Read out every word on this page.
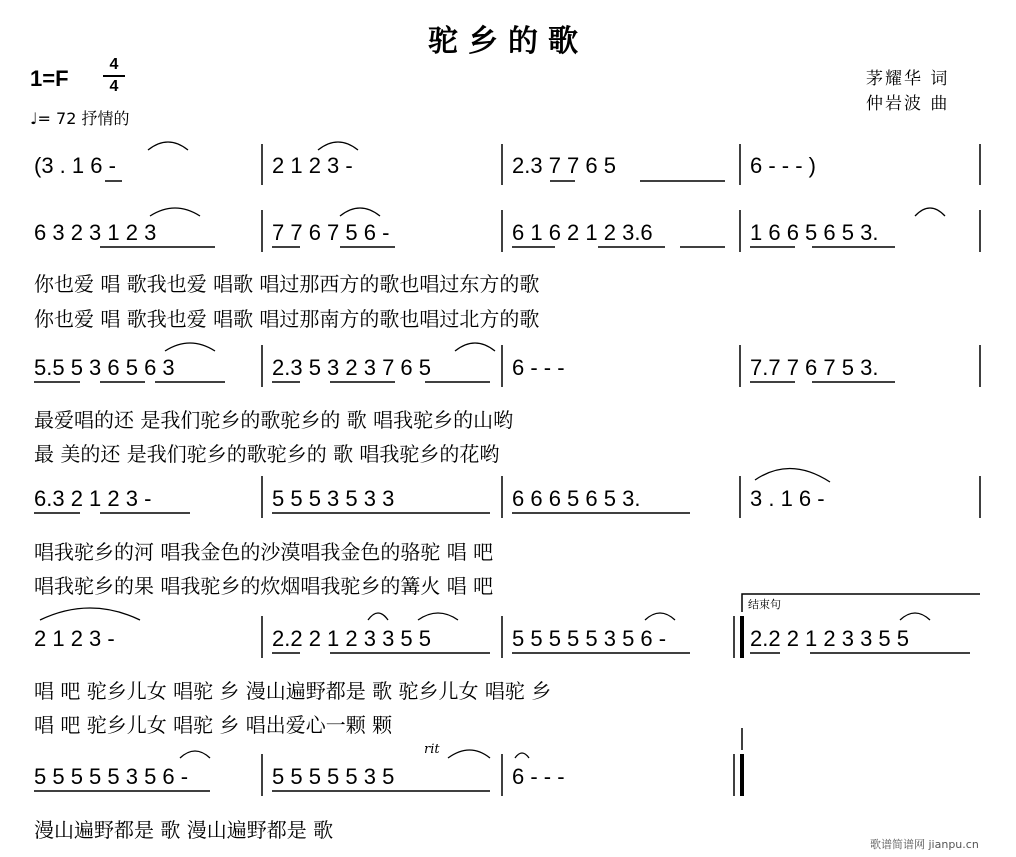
驼乡的歌
1=F
4
4
♩= 72 抒情的
茅耀华 词
仲岩波 曲
(3 . 1 6 -	2 1 2 3 -	2.3 7 7 6 5	6 - - - )
6 3 2 3 1 2 3	7 7 6 7 5 6 -	6 1 6 2 1 2 3.6	1 6 6 5 6 5 3.
你也爱 唱 歌我也爱 唱歌 唱过那西方的歌也唱过东方的歌
你也爱 唱 歌我也爱 唱歌 唱过那南方的歌也唱过北方的歌
5.5 5 3 6 5 6 3	2.3 5 3 2 3 7 6 5	6 - - -	7.7 7 6 7 5 3.
最爱唱的还 是我们驼乡的歌驼乡的 歌 唱我驼乡的山哟
最 美的还 是我们驼乡的歌驼乡的 歌 唱我驼乡的花哟
6.3 2 1 2 3 -	5 5 5 3 5 3 3	6 6 6 5 6 5 3.	3 . 1 6 -
唱我驼乡的河 唱我金色的沙漠唱我金色的骆驼 唱 吧
唱我驼乡的果 唱我驼乡的炊烟唱我驼乡的篝火 唱 吧
结束句
2 1 2 3 -	2.2 2 1 2 3 3 5 5	5 5 5 5 5 3 5 6 -	2.2 2 1 2 3 3 5 5
唱 吧 驼乡儿女 唱驼 乡 漫山遍野都是 歌 驼乡儿女 唱驼 乡
唱 吧 驼乡儿女 唱驼 乡 唱出爱心一颗 颗
rit
5 5 5 5 5 3 5 6 -	5 5 5 5 5 3 5	6 - - -
漫山遍野都是 歌 漫山遍野都是 歌
歌谱简谱网 jianpu.cn
